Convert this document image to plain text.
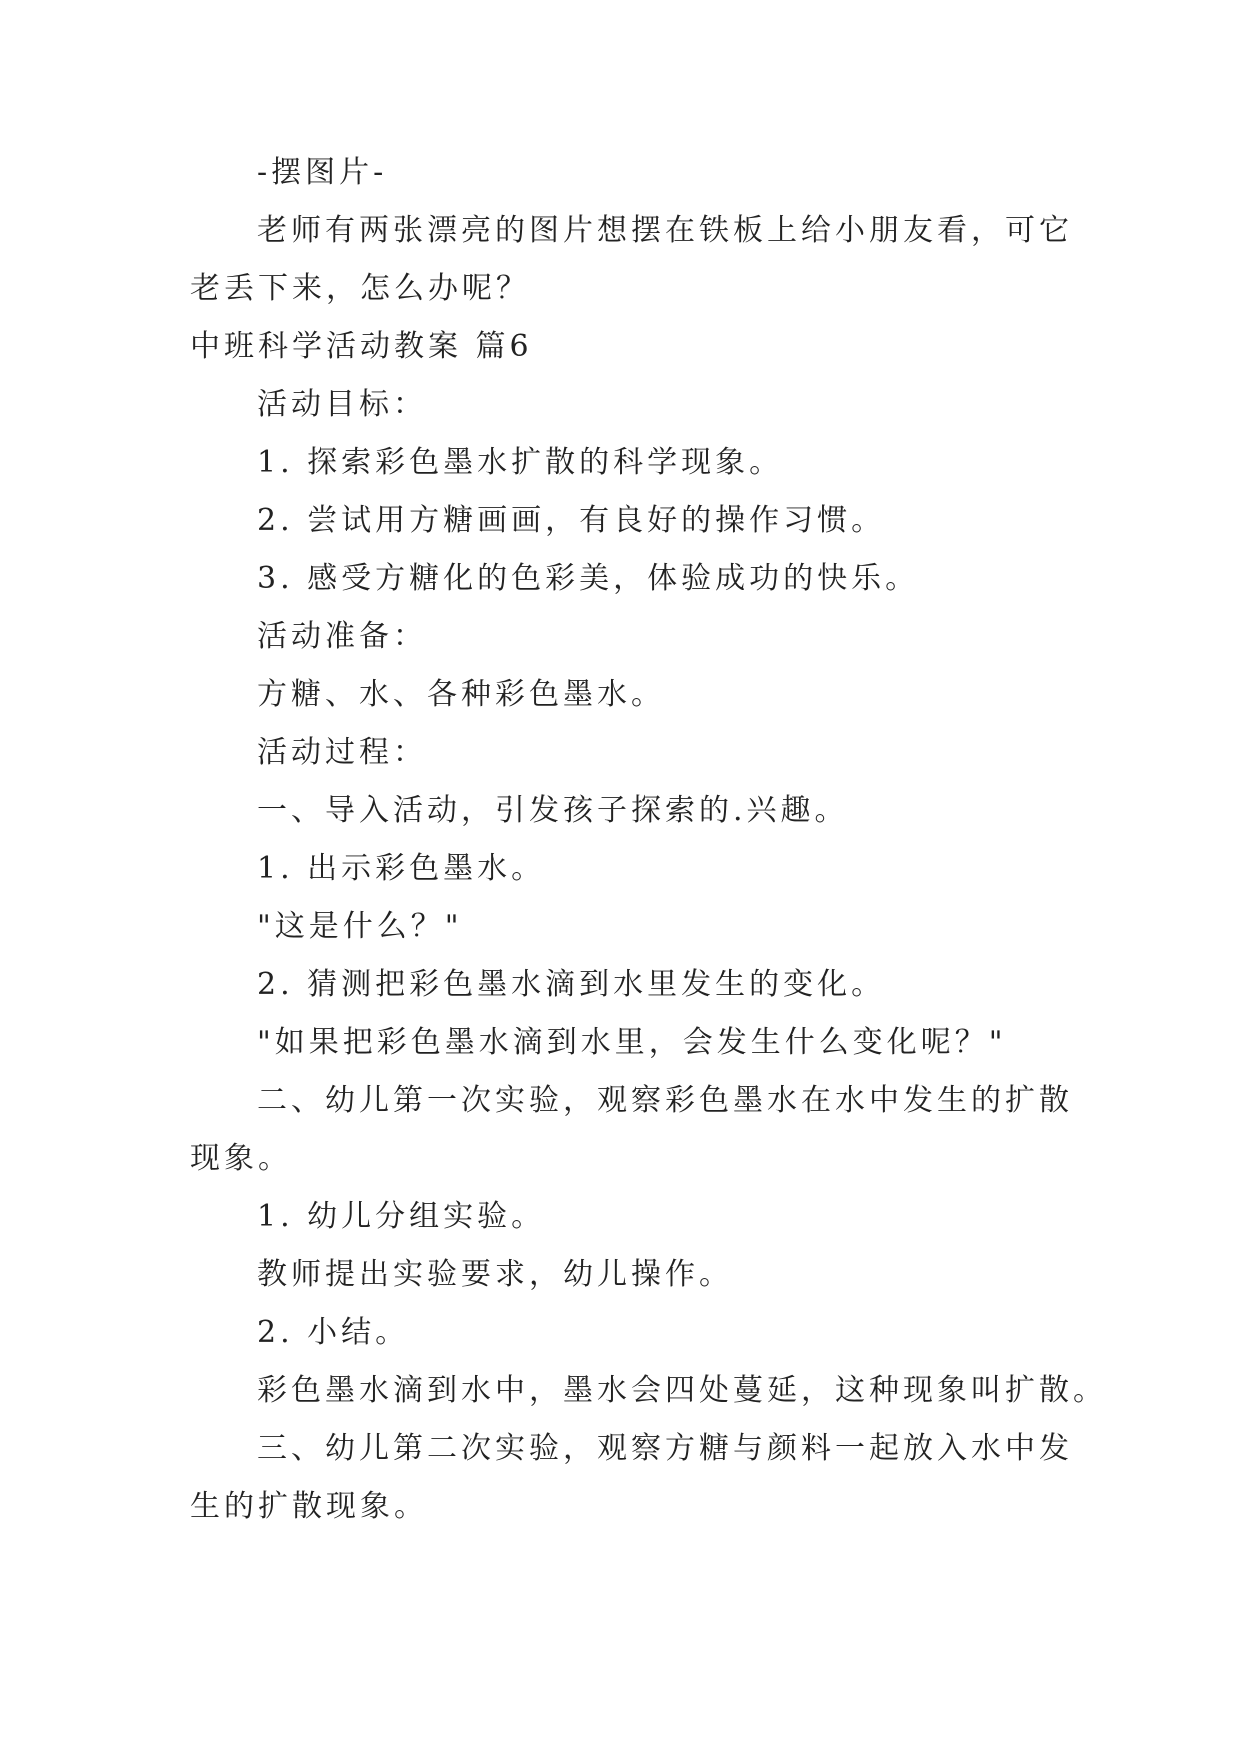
-摆图片-
老师有两张漂亮的图片想摆在铁板上给小朋友看，可它
老丢下来，怎么办呢？
中班科学活动教案 篇6
活动目标：
1. 探索彩色墨水扩散的科学现象。
2. 尝试用方糖画画，有良好的操作习惯。
3. 感受方糖化的色彩美，体验成功的快乐。
活动准备：
方糖、水、各种彩色墨水。
活动过程：
一、导入活动，引发孩子探索的.兴趣。
1. 出示彩色墨水。
"这是什么？"
2. 猜测把彩色墨水滴到水里发生的变化。
"如果把彩色墨水滴到水里，会发生什么变化呢？"
二、幼儿第一次实验，观察彩色墨水在水中发生的扩散
现象。
1. 幼儿分组实验。
教师提出实验要求，幼儿操作。
2. 小结。
彩色墨水滴到水中，墨水会四处蔓延，这种现象叫扩散。
三、幼儿第二次实验，观察方糖与颜料一起放入水中发
生的扩散现象。
